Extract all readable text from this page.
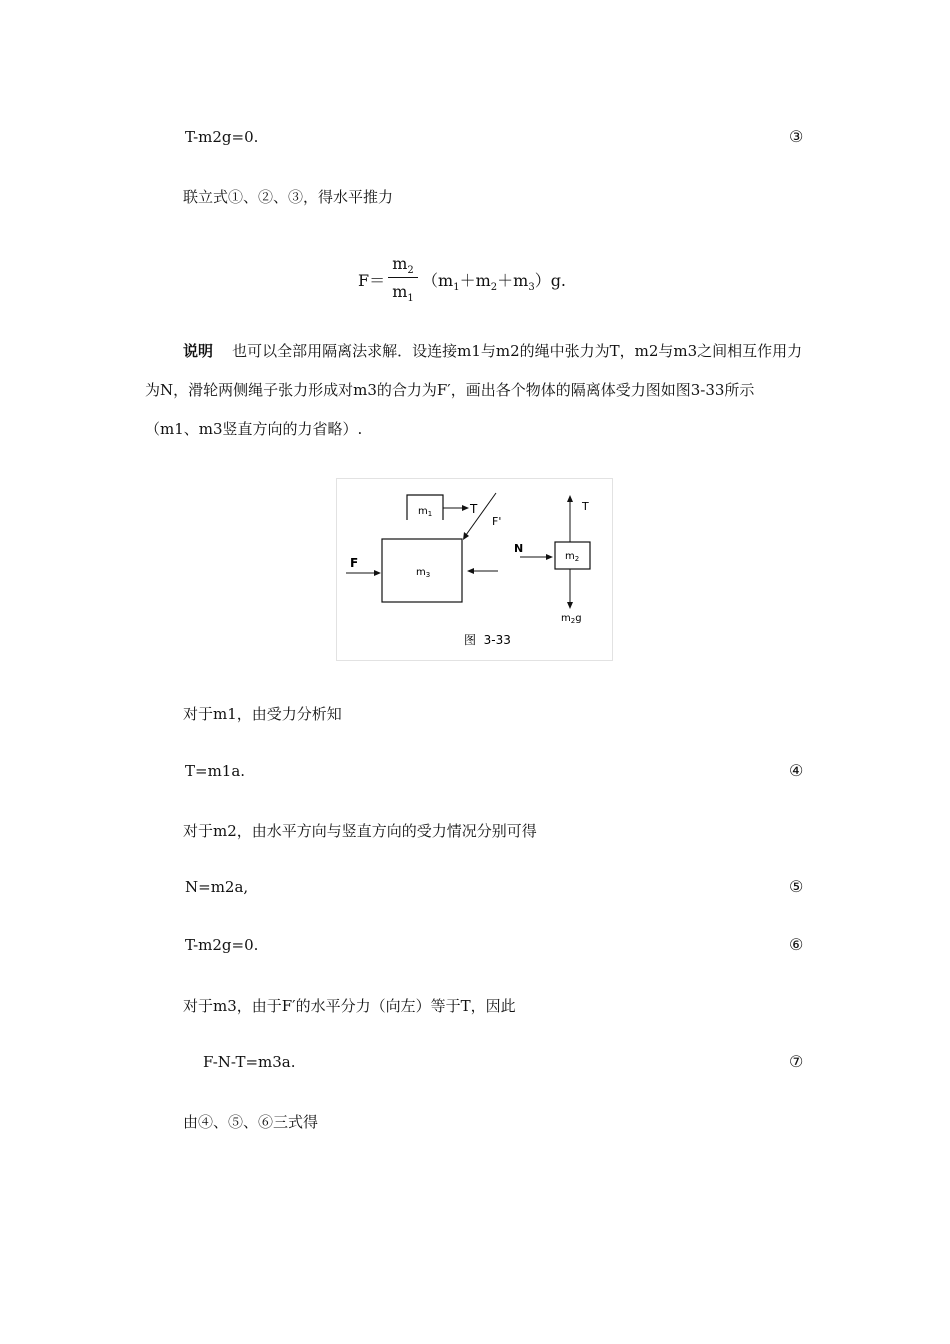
T-m2g=0.	③
联立式①、②、③，得水平推力
F＝
$m_2$
$m_1$
$(m_1+m_2+m_3)g$.
说明 也可以全部用隔离法求解．设连接m1与m2的绳中张力为T，m2与m3之间相互作用力为N，滑轮两侧绳子张力形成对m3的合力为F′，画出各个物体的隔离体受力图如图3-33所示（m1、m3竖直方向的力省略）.
$m_1$	T
F'
$m_3$
F
N
$m_2$
T
$m_2g$
图  3-33
对于m1，由受力分析知
T=m1a.	④
对于m2，由水平方向与竖直方向的受力情况分别可得
N=m2a,	⑤
T-m2g=0.	⑥
对于m3，由于F′的水平分力（向左）等于T，因此
F-N-T=m3a.	⑦
由④、⑤、⑥三式得
